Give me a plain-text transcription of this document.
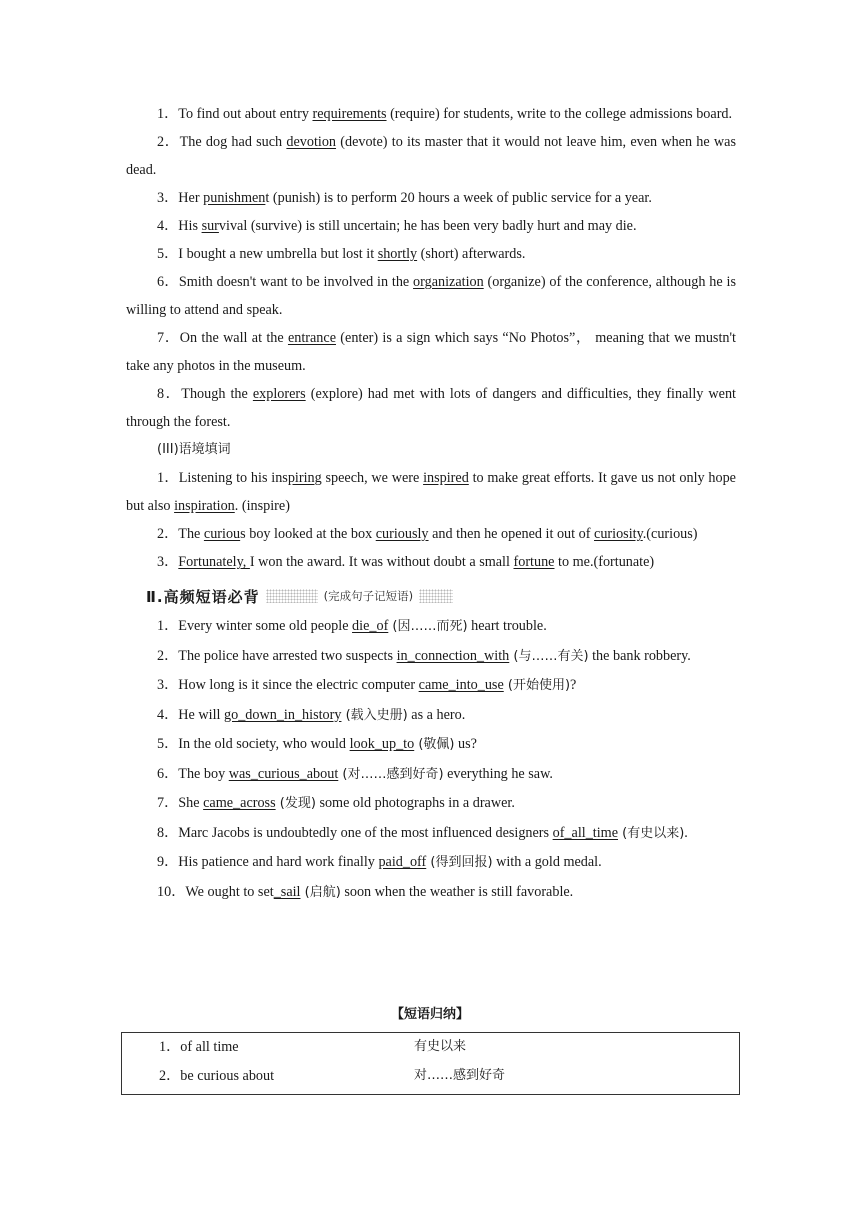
1．To find out about entry requirements (require) for students, write to the college admissions board.

2．The dog had such devotion (devote) to its master that it would not leave him, even when he was dead.

3．Her punishment (punish) is to perform 20 hours a week of public service for a year.

4．His survival (survive) is still uncertain; he has been very badly hurt and may die.

5．I bought a new umbrella but lost it shortly (short) afterwards.

6．Smith doesn't want to be involved in the organization (organize) of the conference, although he is willing to attend and speak.

7．On the wall at the entrance (enter) is a sign which says “No Photos”， meaning that we mustn't take any photos in the museum.

8．Though the explorers (explore) had met with lots of dangers and difficulties, they finally went through the forest.

(III)语境填词

1．Listening to his inspiring speech, we were inspired to make great efforts. It gave us not only hope but also inspiration. (inspire)

2．The curious boy looked at the box curiously and then he opened it out of curiosity.(curious)

3．Fortunately, I won the award. It was without doubt a small fortune to me.(fortunate)

Ⅱ.高频短语必背	(完成句子记短语)

1．Every winter some old people die_of (因……而死) heart trouble.

2．The police have arrested two suspects in_connection_with (与……有关) the bank robbery.

3．How long is it since the electric computer came_into_use (开始使用)?

4．He will go_down_in_history (载入史册) as a hero.

5．In the old society, who would look_up_to (敬佩) us?

6．The boy was_curious_about (对……感到好奇) everything he saw.

7．She came_across (发现) some old photographs in a drawer.

8．Marc Jacobs is undoubtedly one of the most influenced designers of_all_time (有史以来).

9．His patience and hard work finally paid_off (得到回报) with a gold medal.

10．We ought to set_sail (启航) soon when the weather is still favorable.

【短语归纳】
1．of all time	有史以来
2．be curious about	对……感到好奇
